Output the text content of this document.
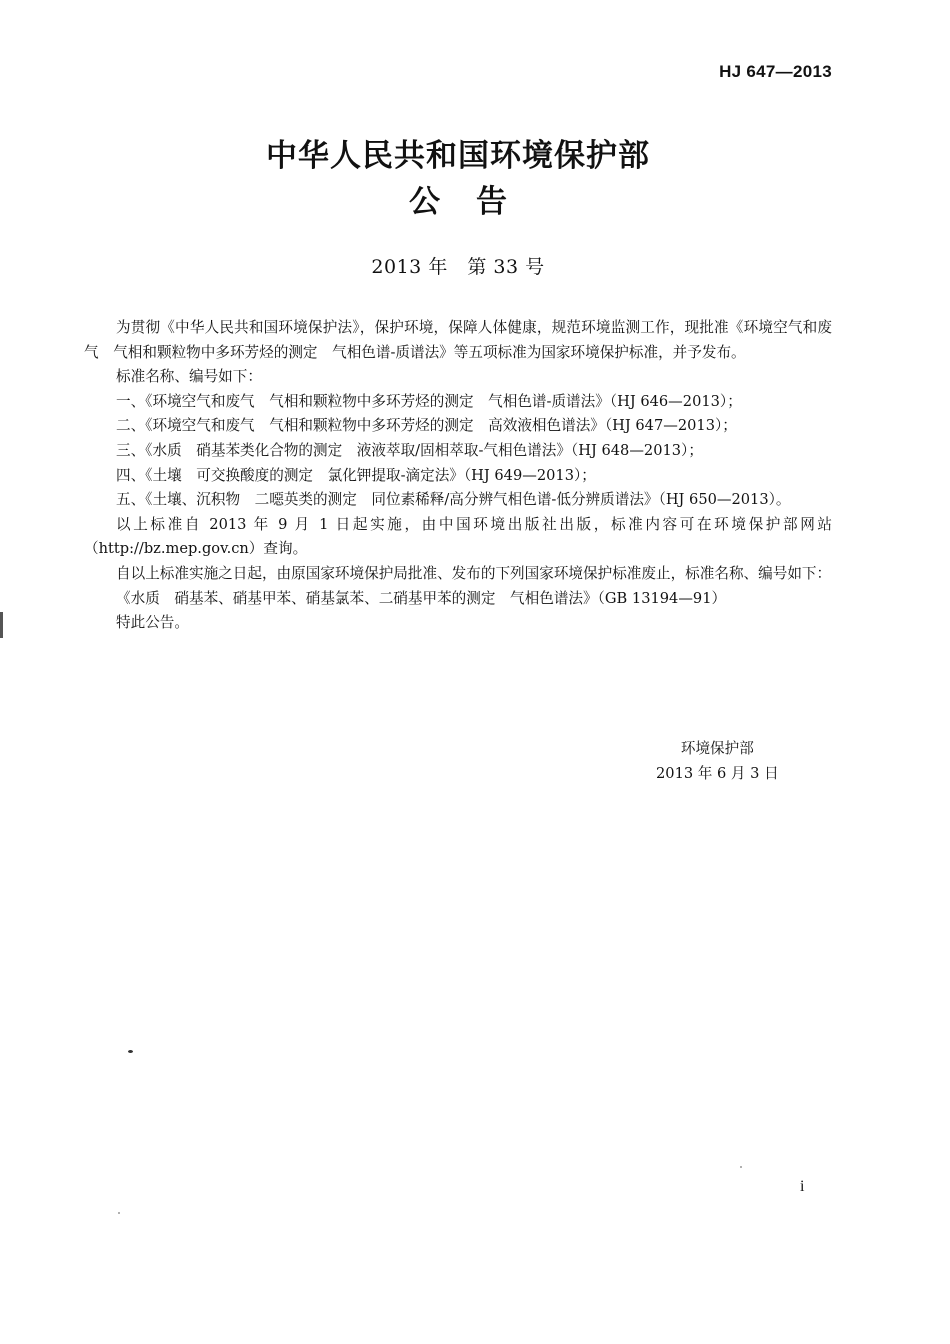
HJ 647—2013
中华人民共和国环境保护部
公告
2013 年　第 33 号

为贯彻《中华人民共和国环境保护法》，保护环境，保障人体健康，规范环境监测工作，现批准《环境空气和废气　气相和颗粒物中多环芳烃的测定　气相色谱-质谱法》等五项标准为国家环境保护标准，并予发布。

标准名称、编号如下：

一、《环境空气和废气　气相和颗粒物中多环芳烃的测定　气相色谱-质谱法》（HJ 646—2013）；

二、《环境空气和废气　气相和颗粒物中多环芳烃的测定　高效液相色谱法》（HJ 647—2013）；

三、《水质　硝基苯类化合物的测定　液液萃取/固相萃取-气相色谱法》（HJ 648—2013）；

四、《土壤　可交换酸度的测定　氯化钾提取-滴定法》（HJ 649—2013）；

五、《土壤、沉积物　二噁英类的测定　同位素稀释/高分辨气相色谱-低分辨质谱法》（HJ 650—2013）。

以上标准自 2013 年 9 月 1 日起实施，由中国环境出版社出版，标准内容可在环境保护部网站（http://bz.mep.gov.cn）查询。

自以上标准实施之日起，由原国家环境保护局批准、发布的下列国家环境保护标准废止，标准名称、编号如下：

《水质　硝基苯、硝基甲苯、硝基氯苯、二硝基甲苯的测定　气相色谱法》（GB 13194—91）

特此公告。

环境保护部
2013 年 6 月 3 日
i
